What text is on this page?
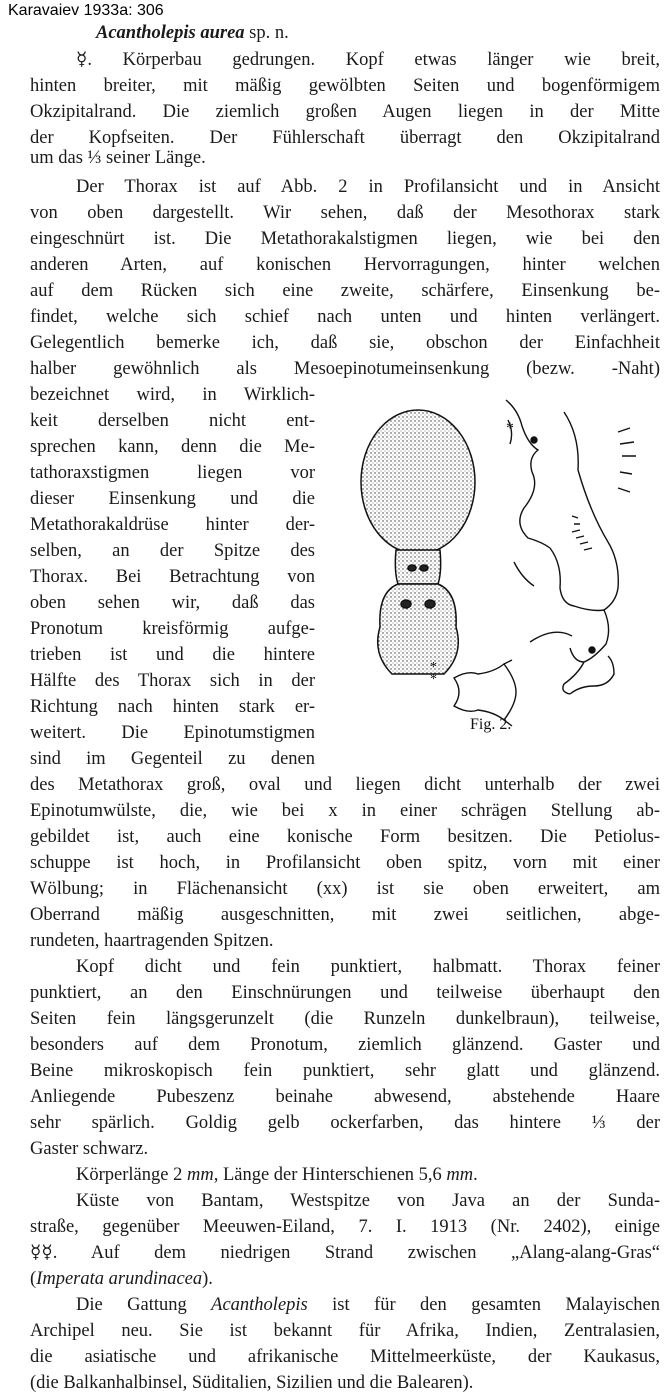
Karavaiev 1933a: 306
Acantholepis aurea sp. n.
☿. Körperbau gedrungen. Kopf etwas länger wie breit,
hinten breiter, mit mäßig gewölbten Seiten und bogenförmigem
Okzipitalrand. Die ziemlich großen Augen liegen in der Mitte
der Kopfseiten. Der Fühlerschaft überragt den Okzipitalrand
um das ⅓ seiner Länge.
Der Thorax ist auf Abb. 2 in Profilansicht und in Ansicht
von oben dargestellt. Wir sehen, daß der Mesothorax stark
eingeschnürt ist. Die Metathorakalstigmen liegen, wie bei den
anderen Arten, auf konischen Hervorragungen, hinter welchen
auf dem Rücken sich eine zweite, schärfere, Einsenkung be-
findet, welche sich schief nach unten und hinten verlängert.
Gelegentlich bemerke ich, daß sie, obschon der Einfachheit
halber gewöhnlich als Mesoepinotumeinsenkung (bezw. -Naht)
bezeichnet wird, in Wirklich-
keit derselben nicht ent-
sprechen kann, denn die Me-
tathoraxstigmen liegen vor
dieser Einsenkung und die
Metathorakaldrüse hinter der-
selben, an der Spitze des
Thorax. Bei Betrachtung von
oben sehen wir, daß das
Pronotum kreisförmig aufge-
trieben ist und die hintere
Hälfte des Thorax sich in der
Richtung nach hinten stark er-
weitert. Die Epinotumstigmen
sind im Gegenteil zu denen
des Metathorax groß, oval und liegen dicht unterhalb der zwei
Epinotumwülste, die, wie bei x in einer schrägen Stellung ab-
gebildet ist, auch eine konische Form besitzen. Die Petiolus-
schuppe ist hoch, in Profilansicht oben spitz, vorn mit einer
Wölbung; in Flächenansicht (xx) ist sie oben erweitert, am
Oberrand mäßig ausgeschnitten, mit zwei seitlichen, abge-
rundeten, haartragenden Spitzen.
Kopf dicht und fein punktiert, halbmatt. Thorax feiner
punktiert, an den Einschnürungen und teilweise überhaupt den
Seiten fein längsgerunzelt (die Runzeln dunkelbraun), teilweise,
besonders auf dem Pronotum, ziemlich glänzend. Gaster und
Beine mikroskopisch fein punktiert, sehr glatt und glänzend.
Anliegende Pubeszenz beinahe abwesend, abstehende Haare
sehr spärlich. Goldig gelb ockerfarben, das hintere ⅓ der
Gaster schwarz.
Körperlänge 2 mm, Länge der Hinterschienen 5,6 mm.
Küste von Bantam, Westspitze von Java an der Sunda-
straße, gegenüber Meeuwen-Eiland, 7. I. 1913 (Nr. 2402), einige
☿☿. Auf dem niedrigen Strand zwischen „Alang-alang-Gras“
(Imperata arundinacea).
Die Gattung Acantholepis ist für den gesamten Malayischen
Archipel neu. Sie ist bekannt für Afrika, Indien, Zentralasien,
die asiatische und afrikanische Mittelmeerküste, der Kaukasus,
(die Balkanhalbinsel, Süditalien, Sizilien und die Balearen).
*
*
*
Fig. 2.
